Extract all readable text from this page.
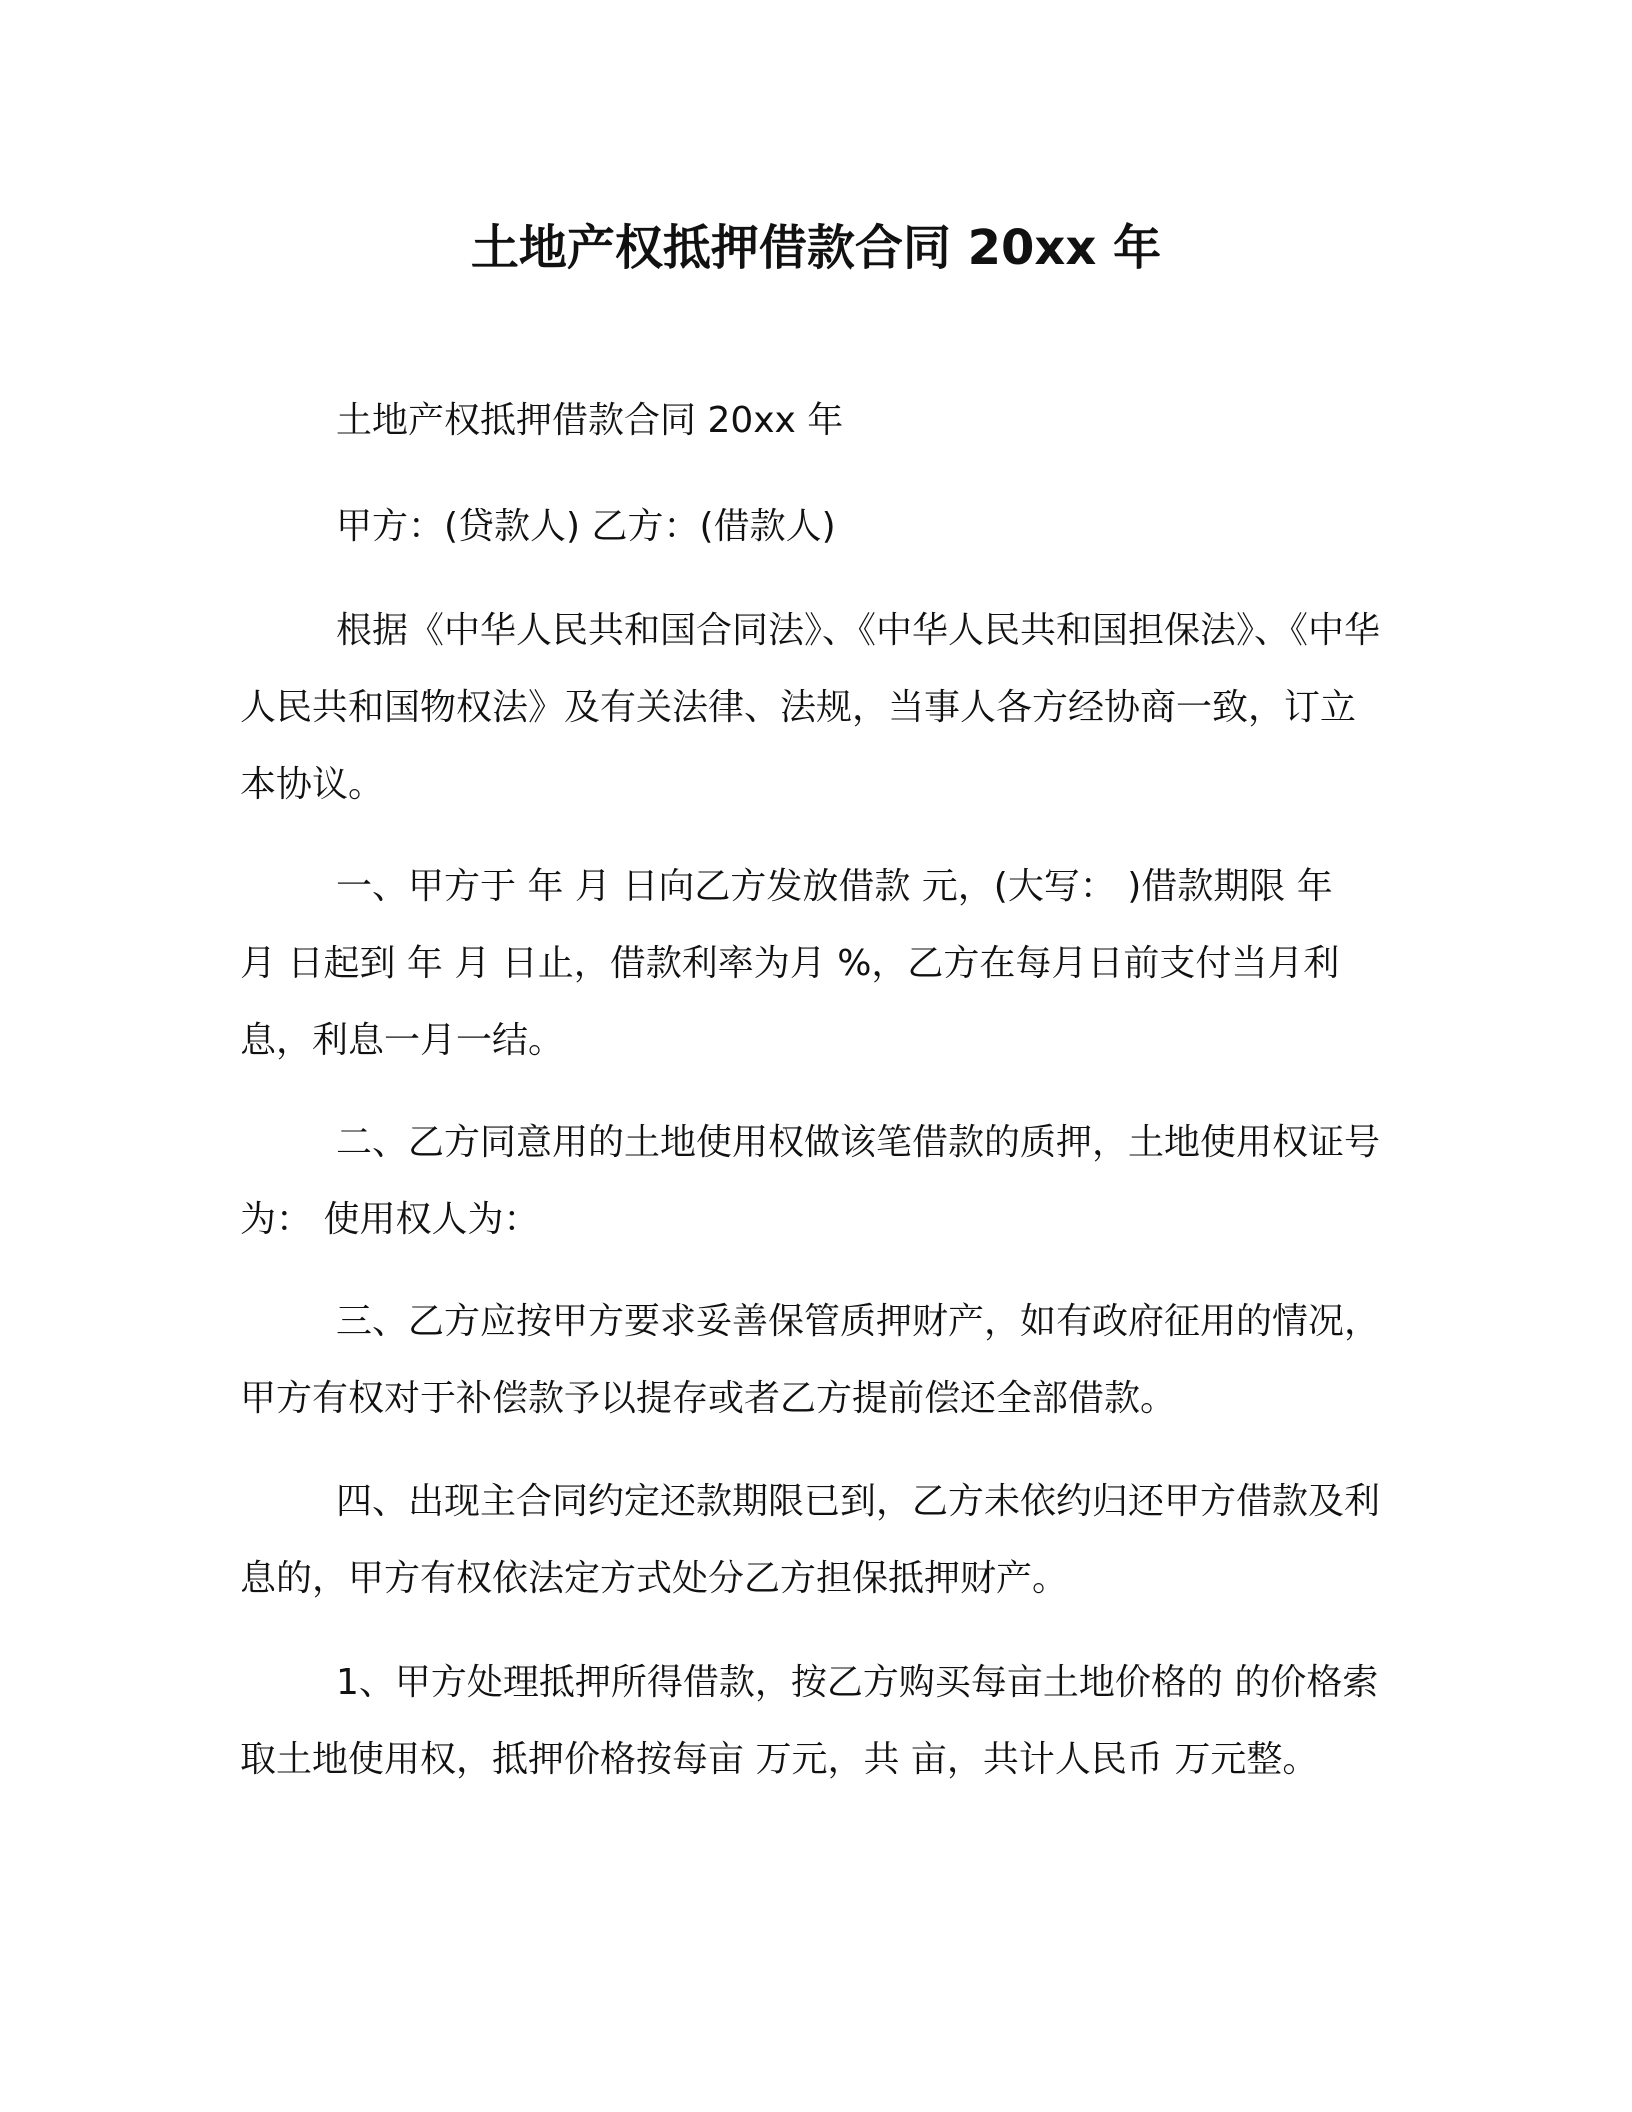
土地产权抵押借款合同 20xx 年
土地产权抵押借款合同 20xx 年
甲方：(贷款人) 乙方：(借款人)
根据《中华人民共和国合同法》、《中华人民共和国担保法》、《中华人民共和国物权法》及有关法律、法规，当事人各方经协商一致，订立本协议。
一、甲方于 年 月 日向乙方发放借款 元，(大写： )借款期限 年 月 日起到 年 月 日止，借款利率为月 %，乙方在每月日前支付当月利息，利息一月一结。
二、乙方同意用的土地使用权做该笔借款的质押，土地使用权证号为： 使用权人为：
三、乙方应按甲方要求妥善保管质押财产，如有政府征用的情况，甲方有权对于补偿款予以提存或者乙方提前偿还全部借款。
四、出现主合同约定还款期限已到，乙方未依约归还甲方借款及利息的，甲方有权依法定方式处分乙方担保抵押财产。
1、甲方处理抵押所得借款，按乙方购买每亩土地价格的 的价格索取土地使用权，抵押价格按每亩 万元，共 亩，共计人民币 万元整。
